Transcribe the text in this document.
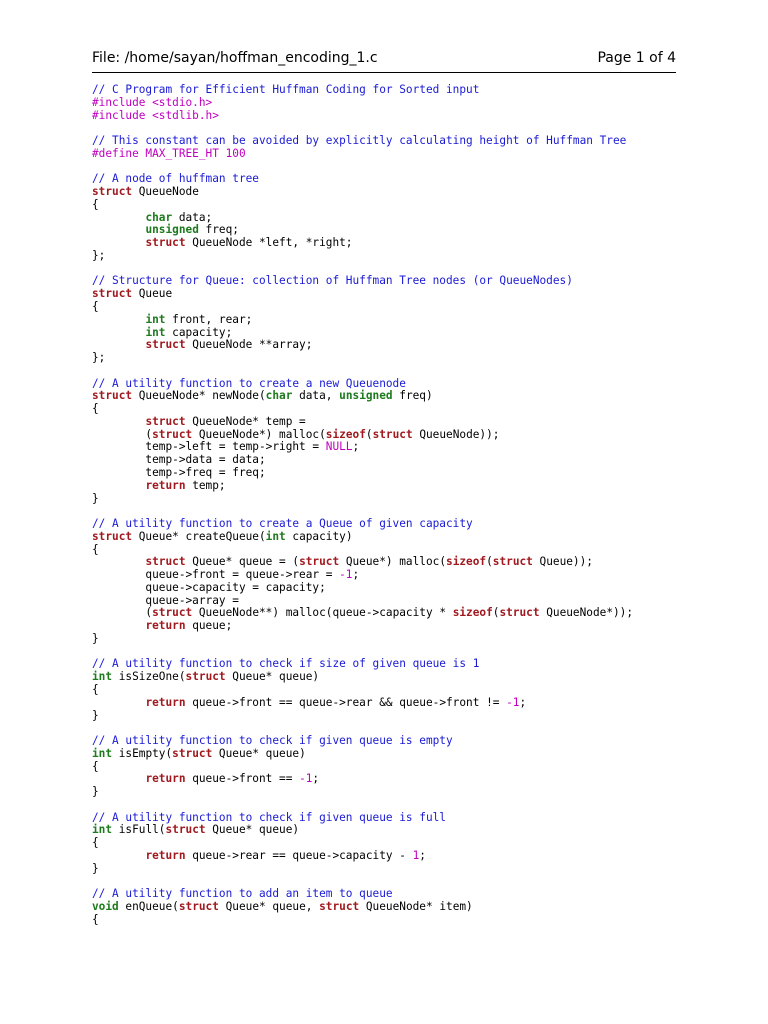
File: /home/sayan/hoffman_encoding_1.c	Page 1 of 4
// C Program for Efficient Huffman Coding for Sorted input
#include <stdio.h>
#include <stdlib.h>
// This constant can be avoided by explicitly calculating height of Huffman Tree
#define MAX_TREE_HT 100
// A node of huffman tree
struct QueueNode
{
char data;
unsigned freq;
struct QueueNode *left, *right;
};
// Structure for Queue: collection of Huffman Tree nodes (or QueueNodes)
struct Queue
{
int front, rear;
int capacity;
struct QueueNode **array;
};
// A utility function to create a new Queuenode
struct QueueNode* newNode(char data, unsigned freq)
{
struct QueueNode* temp =
(struct QueueNode*) malloc(sizeof(struct QueueNode));
temp->left = temp->right = NULL;
temp->data = data;
temp->freq = freq;
return temp;
}
// A utility function to create a Queue of given capacity
struct Queue* createQueue(int capacity)
{
struct Queue* queue = (struct Queue*) malloc(sizeof(struct Queue));
queue->front = queue->rear = -1;
queue->capacity = capacity;
queue->array =
(struct QueueNode**) malloc(queue->capacity * sizeof(struct QueueNode*));
return queue;
}
// A utility function to check if size of given queue is 1
int isSizeOne(struct Queue* queue)
{
return queue->front == queue->rear && queue->front != -1;
}
// A utility function to check if given queue is empty
int isEmpty(struct Queue* queue)
{
return queue->front == -1;
}
// A utility function to check if given queue is full
int isFull(struct Queue* queue)
{
return queue->rear == queue->capacity - 1;
}
// A utility function to add an item to queue
void enQueue(struct Queue* queue, struct QueueNode* item)
{
